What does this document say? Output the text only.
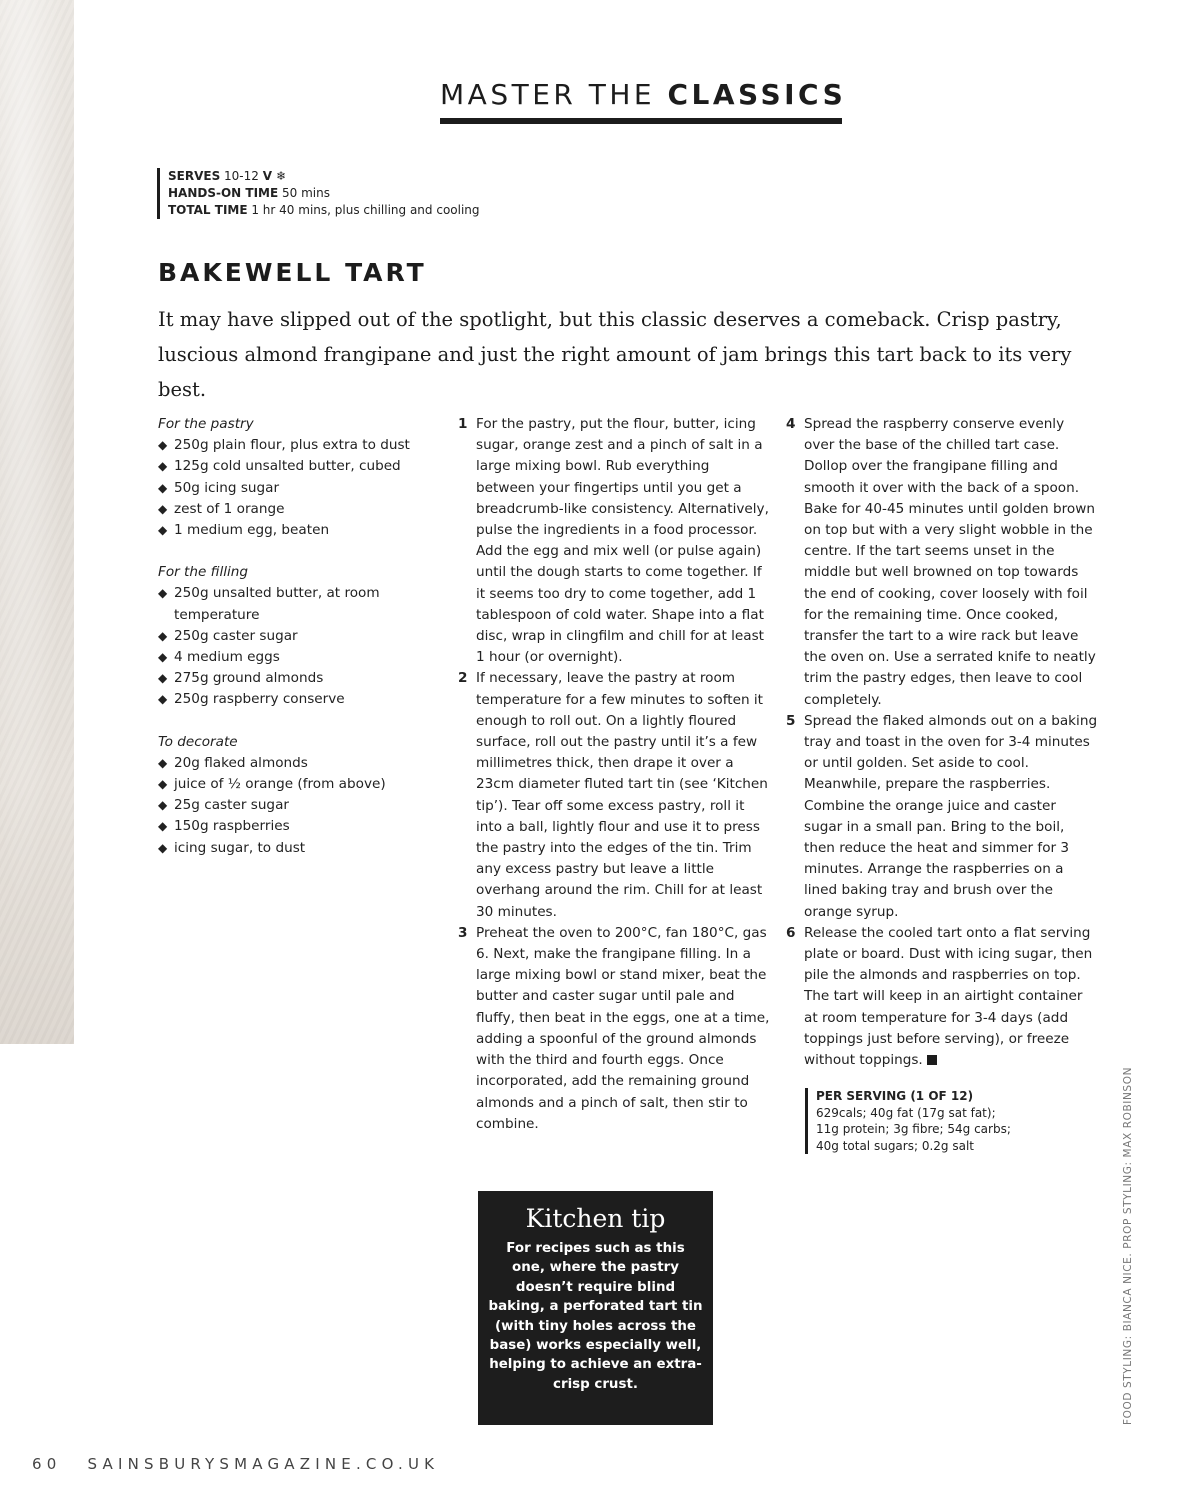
MASTER THE CLASSICS
SERVES 10-12 V ❄
HANDS-ON TIME 50 mins
TOTAL TIME 1 hr 40 mins, plus chilling and cooling
BAKEWELL TART

It may have slipped out of the spotlight, but this classic deserves a comeback. Crisp pastry, luscious almond frangipane and just the right amount of jam brings this tart back to its very best.

For the pastry

◆ 250g plain flour, plus extra to dust
◆ 125g cold unsalted butter, cubed
◆ 50g icing sugar
◆ zest of 1 orange
◆ 1 medium egg, beaten

For the filling

◆ 250g unsalted butter, at room temperature
◆ 250g caster sugar
◆ 4 medium eggs
◆ 275g ground almonds
◆ 250g raspberry conserve

To decorate

◆ 20g flaked almonds
◆ juice of ½ orange (from above)
◆ 25g caster sugar
◆ 150g raspberries
◆ icing sugar, to dust

1 For the pastry, put the flour, butter, icing sugar, orange zest and a pinch of salt in a large mixing bowl. Rub everything between your fingertips until you get a breadcrumb-like consistency. Alternatively, pulse the ingredients in a food processor. Add the egg and mix well (or pulse again) until the dough starts to come together. If it seems too dry to come together, add 1 tablespoon of cold water. Shape into a flat disc, wrap in clingfilm and chill for at least 1 hour (or overnight).

2 If necessary, leave the pastry at room temperature for a few minutes to soften it enough to roll out. On a lightly floured surface, roll out the pastry until it’s a few millimetres thick, then drape it over a 23cm diameter fluted tart tin (see ‘Kitchen tip’). Tear off some excess pastry, roll it into a ball, lightly flour and use it to press the pastry into the edges of the tin. Trim any excess pastry but leave a little overhang around the rim. Chill for at least 30 minutes.

3 Preheat the oven to 200°C, fan 180°C, gas 6. Next, make the frangipane filling. In a large mixing bowl or stand mixer, beat the butter and caster sugar until pale and fluffy, then beat in the eggs, one at a time, adding a spoonful of the ground almonds with the third and fourth eggs. Once incorporated, add the remaining ground almonds and a pinch of salt, then stir to combine.

4 Spread the raspberry conserve evenly over the base of the chilled tart case. Dollop over the frangipane filling and smooth it over with the back of a spoon. Bake for 40-45 minutes until golden brown on top but with a very slight wobble in the centre. If the tart seems unset in the middle but well browned on top towards the end of cooking, cover loosely with foil for the remaining time. Once cooked, transfer the tart to a wire rack but leave the oven on. Use a serrated knife to neatly trim the pastry edges, then leave to cool completely.

5 Spread the flaked almonds out on a baking tray and toast in the oven for 3-4 minutes or until golden. Set aside to cool. Meanwhile, prepare the raspberries. Combine the orange juice and caster sugar in a small pan. Bring to the boil, then reduce the heat and simmer for 3 minutes. Arrange the raspberries on a lined baking tray and brush over the orange syrup.

6 Release the cooled tart onto a flat serving plate or board. Dust with icing sugar, then pile the almonds and raspberries on top. The tart will keep in an airtight container at room temperature for 3-4 days (add toppings just before serving), or freeze without toppings.

PER SERVING (1 OF 12)
629cals; 40g fat (17g sat fat);
11g protein; 3g fibre; 54g carbs;
40g total sugars; 0.2g salt

Kitchen tip

For recipes such as this one, where the pastry doesn’t require blind baking, a perforated tart tin (with tiny holes across the base) works especially well, helping to achieve an extra-crisp crust.	FOOD STYLING: BIANCA NICE. PROP STYLING: MAX ROBINSON
60 SAINSBURYSMAGAZINE.CO.UK
